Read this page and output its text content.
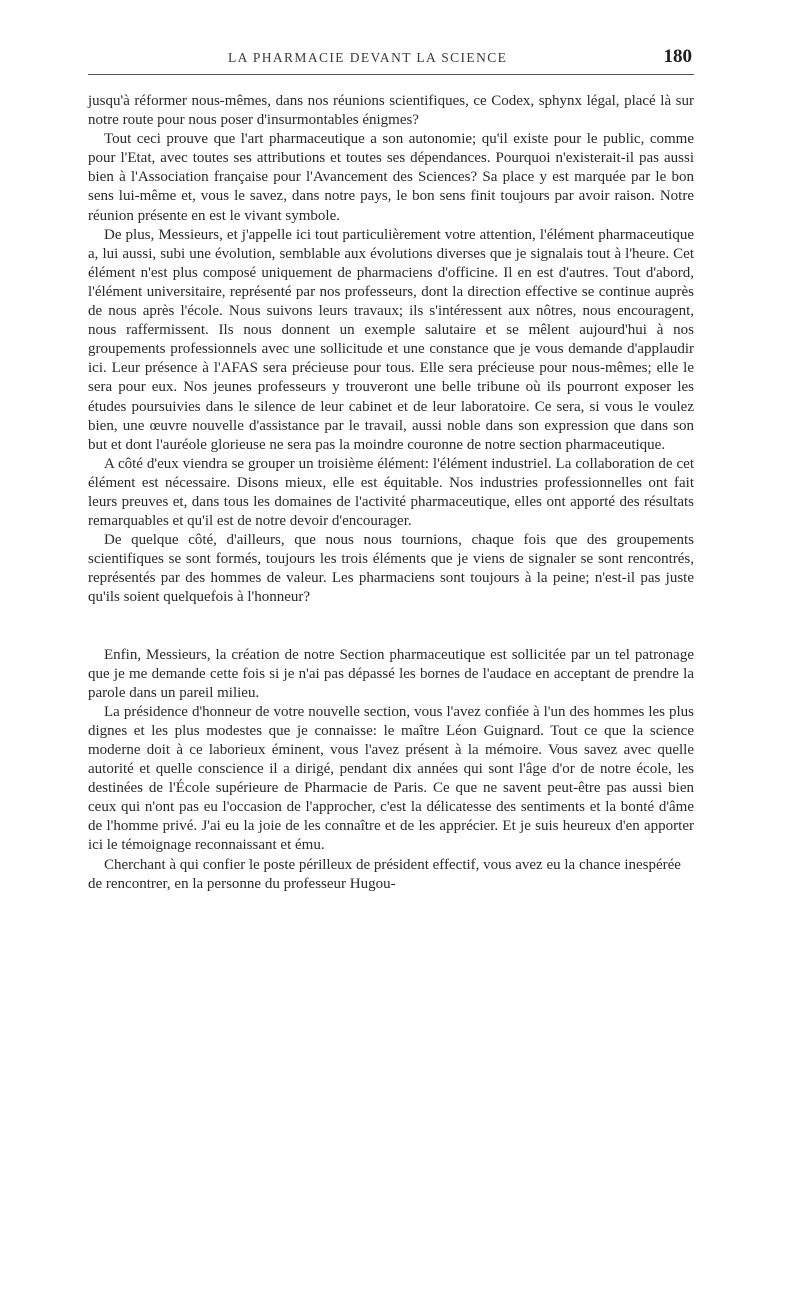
LA PHARMACIE DEVANT LA SCIENCE	180

jusqu'à réformer nous-mêmes, dans nos réunions scientifiques, ce Codex, sphynx légal, placé là sur notre route pour nous poser d'insurmontables énigmes?

Tout ceci prouve que l'art pharmaceutique a son autonomie; qu'il existe pour le public, comme pour l'Etat, avec toutes ses attributions et toutes ses dépendances. Pourquoi n'existerait-il pas aussi bien à l'Association française pour l'Avancement des Sciences? Sa place y est marquée par le bon sens lui-même et, vous le savez, dans notre pays, le bon sens finit toujours par avoir raison. Notre réunion présente en est le vivant symbole.

De plus, Messieurs, et j'appelle ici tout particulièrement votre attention, l'élément pharmaceutique a, lui aussi, subi une évolution, semblable aux évolutions diverses que je signalais tout à l'heure. Cet élément n'est plus composé uniquement de pharmaciens d'officine. Il en est d'autres. Tout d'abord, l'élément universitaire, représenté par nos professeurs, dont la direction effective se continue auprès de nous après l'école. Nous suivons leurs travaux; ils s'intéressent aux nôtres, nous encouragent, nous raffermissent. Ils nous donnent un exemple salutaire et se mêlent aujourd'hui à nos groupements professionnels avec une sollicitude et une constance que je vous demande d'applaudir ici. Leur présence à l'AFAS sera précieuse pour tous. Elle sera précieuse pour nous-mêmes; elle le sera pour eux. Nos jeunes professeurs y trouveront une belle tribune où ils pourront exposer les études poursuivies dans le silence de leur cabinet et de leur laboratoire. Ce sera, si vous le voulez bien, une œuvre nouvelle d'assistance par le travail, aussi noble dans son expression que dans son but et dont l'auréole glorieuse ne sera pas la moindre couronne de notre section pharmaceutique.

A côté d'eux viendra se grouper un troisième élément: l'élément industriel. La collaboration de cet élément est nécessaire. Disons mieux, elle est équitable. Nos industries professionnelles ont fait leurs preuves et, dans tous les domaines de l'activité pharmaceutique, elles ont apporté des résultats remarquables et qu'il est de notre devoir d'encourager.

De quelque côté, d'ailleurs, que nous nous tournions, chaque fois que des groupements scientifiques se sont formés, toujours les trois éléments que je viens de signaler se sont rencontrés, représentés par des hommes de valeur. Les pharmaciens sont toujours à la peine; n'est-il pas juste qu'ils soient quelquefois à l'honneur?

Enfin, Messieurs, la création de notre Section pharmaceutique est sollicitée par un tel patronage que je me demande cette fois si je n'ai pas dépassé les bornes de l'audace en acceptant de prendre la parole dans un pareil milieu.

La présidence d'honneur de votre nouvelle section, vous l'avez confiée à l'un des hommes les plus dignes et les plus modestes que je connaisse: le maître Léon Guignard. Tout ce que la science moderne doit à ce laborieux éminent, vous l'avez présent à la mémoire. Vous savez avec quelle autorité et quelle conscience il a dirigé, pendant dix années qui sont l'âge d'or de notre école, les destinées de l'École supérieure de Pharmacie de Paris. Ce que ne savent peut-être pas aussi bien ceux qui n'ont pas eu l'occasion de l'approcher, c'est la délicatesse des sentiments et la bonté d'âme de l'homme privé. J'ai eu la joie de les connaître et de les apprécier. Et je suis heureux d'en apporter ici le témoignage reconnaissant et ému.

Cherchant à qui confier le poste périlleux de président effectif, vous avez eu la chance inespérée de rencontrer, en la personne du professeur Hugou-
